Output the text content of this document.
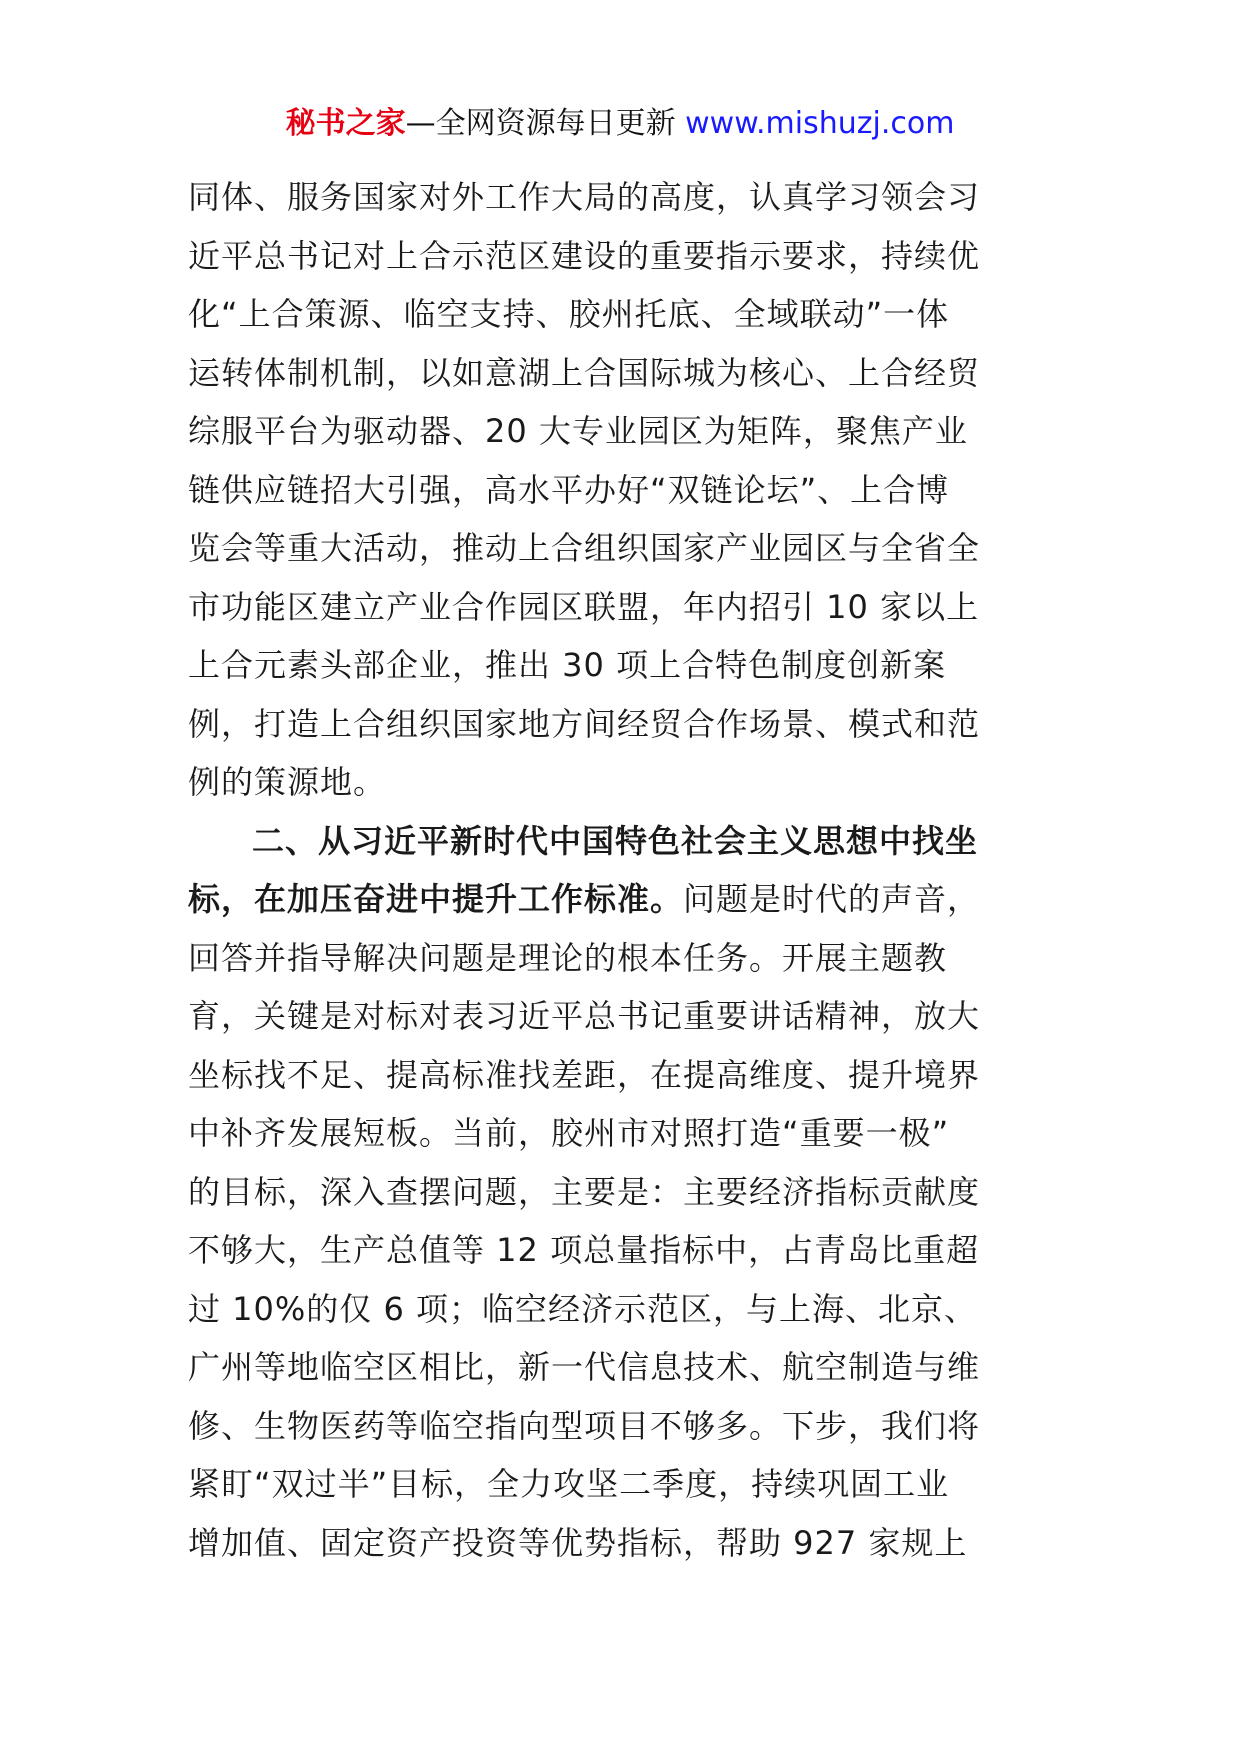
秘书之家—全网资源每日更新 www.mishuzj.com
同体、服务国家对外工作大局的高度，认真学习领会习
近平总书记对上合示范区建设的重要指示要求，持续优
化“上合策源、临空支持、胶州托底、全域联动”一体
运转体制机制，以如意湖上合国际城为核心、上合经贸
综服平台为驱动器、20 大专业园区为矩阵，聚焦产业
链供应链招大引强，高水平办好“双链论坛”、上合博
览会等重大活动，推动上合组织国家产业园区与全省全
市功能区建立产业合作园区联盟，年内招引 10 家以上
上合元素头部企业，推出 30 项上合特色制度创新案
例，打造上合组织国家地方间经贸合作场景、模式和范
例的策源地。
二、从习近平新时代中国特色社会主义思想中找坐
标，在加压奋进中提升工作标准。问题是时代的声音，
回答并指导解决问题是理论的根本任务。开展主题教
育，关键是对标对表习近平总书记重要讲话精神，放大
坐标找不足、提高标准找差距，在提高维度、提升境界
中补齐发展短板。当前，胶州市对照打造“重要一极”
的目标，深入查摆问题，主要是：主要经济指标贡献度
不够大，生产总值等 12 项总量指标中，占青岛比重超
过 10%的仅 6 项；临空经济示范区，与上海、北京、
广州等地临空区相比，新一代信息技术、航空制造与维
修、生物医药等临空指向型项目不够多。下步，我们将
紧盯“双过半”目标，全力攻坚二季度，持续巩固工业
增加值、固定资产投资等优势指标，帮助 927 家规上
